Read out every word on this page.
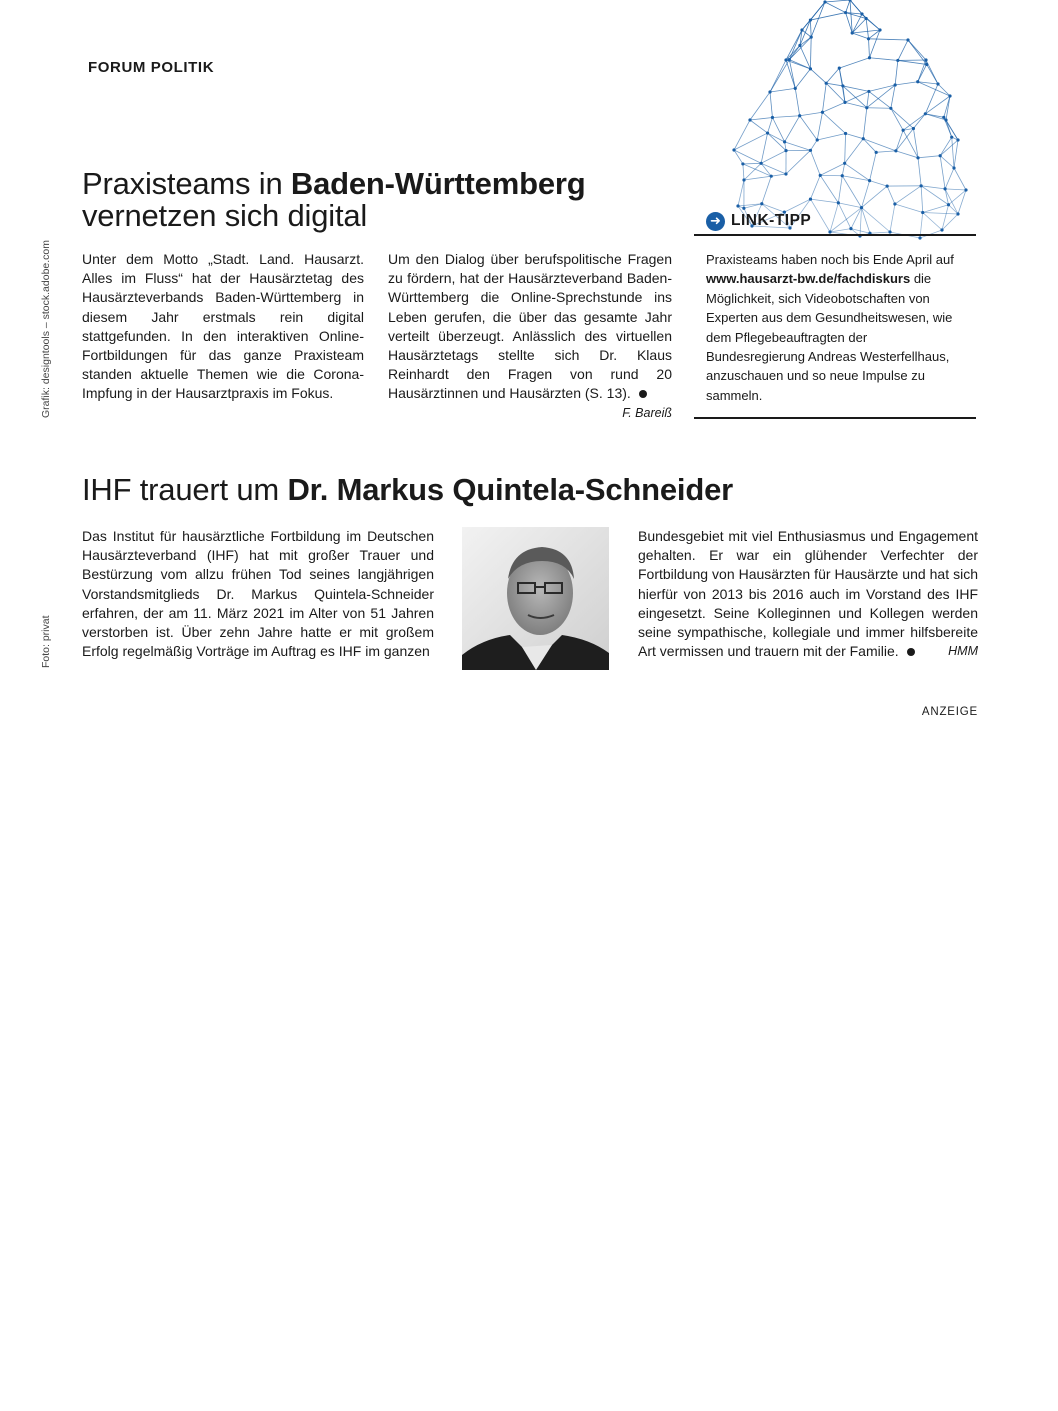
FORUM POLITIK
Grafik: designtools – stock.adobe.com
Foto: privat
Praxisteams in Baden-Württemberg
vernetzen sich digital

Unter dem Motto „Stadt. Land. Hausarzt. Alles im Fluss“ hat der Hausärztetag des Hausärzteverbands Baden-Württemberg in diesem Jahr erstmals rein digital stattgefunden. In den interaktiven Online-Fortbildungen für das ganze Praxisteam standen aktuelle Themen wie die Corona-Impfung in der Hausarztpraxis im Fokus.

Um den Dialog über berufspolitische Fragen zu fördern, hat der Hausärzteverband Baden-Württemberg die Online-Sprechstunde ins Leben gerufen, die über das gesamte Jahr verteilt überzeugt. Anlässlich des virtuellen Hausärztetags stellte sich Dr. Klaus Reinhardt den Fragen von rund 20 Hausärztinnen und Hausärzten (S. 13).
F. Bareiß

➜ LINK-TIPP
Praxisteams haben noch bis Ende April auf www.hausarzt-bw.de/fachdiskurs die Möglichkeit, sich Videobotschaften von Experten aus dem Gesundheitswesen, wie dem Pflegebeauftragten der Bundesregierung Andreas Westerfellhaus, anzuschauen und so neue Impulse zu sammeln.
IHF trauert um Dr. Markus Quintela-Schneider

Das Institut für hausärztliche Fortbildung im Deutschen Hausärzteverband (IHF) hat mit großer Trauer und Bestürzung vom allzu frühen Tod seines langjährigen Vorstandsmitglieds Dr. Markus Quintela-Schneider erfahren, der am 11. März 2021 im Alter von 51 Jahren verstorben ist. Über zehn Jahre hatte er mit großem Erfolg regelmäßig Vorträge im Auftrag es IHF im ganzen

Bundesgebiet mit viel Enthusiasmus und Engagement gehalten. Er war ein glühender Verfechter der Fortbildung von Hausärzten für Hausärzte und hat sich hierfür von 2013 bis 2016 auch im Vorstand des IHF eingesetzt. Seine Kolleginnen und Kollegen werden seine sympathische, kollegiale und immer hilfsbereite Art vermissen und trauern mit der Familie.	HMM

ANZEIGE
